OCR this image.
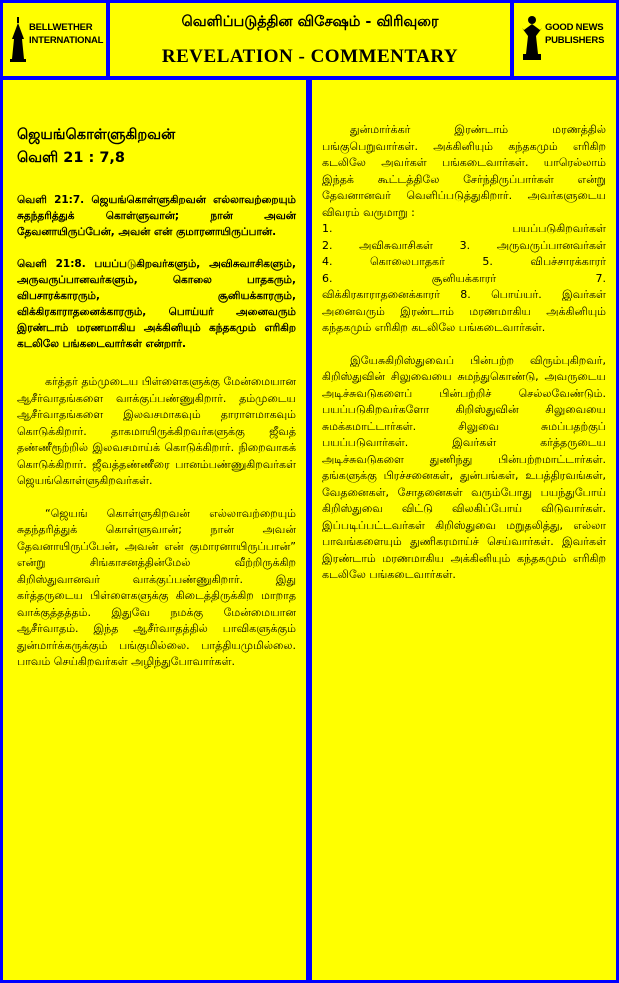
BELLWETHER
INTERNATIONAL
வெளிப்படுத்தின விசேஷம் - விரிவுரை
REVELATION - COMMENTARY
GOOD NEWS
PUBLISHERS
ஜெயங்கொள்ளுகிறவன்
வெளி 21 : 7,8

வெளி 21:7. ஜெயங்கொள்ளுகிறவன் எல்லாவற்றையும் சுதந்தரித்துக் கொள்ளுவான்; நான் அவன் தேவனாயிருப்பேன், அவன் என் குமாரனாயிருப்பான்.

வெளி 21:8. பயப்படுகிறவர்களும், அவிசுவாசிகளும், அருவருப்பானவர்களும், கொலை பாதகரும், விபசாரக்காரரும், சூனியக்காரரும், விக்கிரகாராதனைக்காரரும், பொய்யர் அனைவரும் இரண்டாம் மரணமாகிய அக்கினியும் கந்தகமும் எரிகிற கடலிலே பங்கடைவார்கள் என்றார்.

கர்த்தர் தம்முடைய பிள்ளைகளுக்கு மேன்மையான ஆசீர்வாதங்களை வாக்குப்பண்ணுகிறார். தம்முடைய ஆசீர்வாதங்களை இலவசமாகவும் தாராளமாகவும் கொடுக்கிறார். தாகமாயிருக்கிறவர்களுக்கு ஜீவத் தண்ணீரூற்றில் இலவசமாய்க் கொடுக்கிறார். நிறைவாகக் கொடுக்கிறார். ஜீவத்தண்ணீரை பானம்பண்ணுகிறவர்கள் ஜெயங்கொள்ளுகிறவர்கள்.

“ஜெயங் கொள்ளுகிறவன் எல்லாவற்றையும் சுதந்தரித்துக் கொள்ளுவான்; நான் அவன் தேவனாயிருப்பேன், அவன் என் குமாரனாயிருப்பான்” என்று சிங்காசனத்தின்மேல் வீற்றிருக்கிற கிறிஸ்துவானவர் வாக்குப்பண்ணுகிறார். இது கர்த்தருடைய பிள்ளைகளுக்கு கிடைத்திருக்கிற மாறாத வாக்குத்தத்தம். இதுவே நமக்கு மேன்மையான ஆசீர்வாதம். இந்த ஆசீர்வாதத்தில் பாவிகளுக்கும் துன்மார்க்கருக்கும் பங்குமில்லை. பாத்தியமுமில்லை. பாவம் செய்கிறவர்கள் அழிந்துபோவார்கள்.

துன்மார்க்கர் இரண்டாம் மரணத்தில் பங்குபெறுவார்கள். அக்கினியும் கந்தகமும் எரிகிற கடலிலே அவர்கள் பங்கடைவார்கள். யாரெல்லாம் இந்தக் கூட்டத்திலே சேர்ந்திருப்பார்கள் என்று தேவனானவர் வெளிப்படுத்துகிறார். அவர்களுடைய விவரம் வருமாறு :

1. பயப்படுகிறவர்கள்
2. அவிசுவாசிகள் 3. அருவருப்பானவர்கள்
4. கொலைபாதகர் 5. விபச்சாரக்காரர்
6. சூனியக்காரர் 7.

விக்கிரகாராதனைக்காரர் 8. பொய்யர். இவர்கள் அனைவரும் இரண்டாம் மரணமாகிய அக்கினியும் கந்தகமும் எரிகிற கடலிலே பங்கடைவார்கள்.

இயேசுகிறிஸ்துவைப் பின்பற்ற விரும்புகிறவர், கிறிஸ்துவின் சிலுவையை சுமந்துகொண்டு, அவருடைய அடிச்சுவடுகளைப் பின்பற்றிச் செல்லவேண்டும். பயப்படுகிறவர்களோ கிறிஸ்துவின் சிலுவையை சுமக்கமாட்டார்கள். சிலுவை சுமப்பதற்குப் பயப்படுவார்கள். இவர்கள் கர்த்தருடைய அடிச்சுவடுகளை துணிந்து பின்பற்றமாட்டார்கள். தங்களுக்கு பிரச்சனைகள், துன்பங்கள், உபத்திரவங்கள், வேதனைகள், சோதனைகள் வரும்போது பயந்துபோய் கிறிஸ்துவை விட்டு விலகிப்போய் விடுவார்கள். இப்படிப்பட்டவர்கள் கிறிஸ்துவை மறுதலித்து, எல்லா பாவங்களையும் துணிகரமாய்ச் செய்வார்கள். இவர்கள் இரண்டாம் மரணமாகிய அக்கினியும் கந்தகமும் எரிகிற கடலிலே பங்கடைவார்கள்.
